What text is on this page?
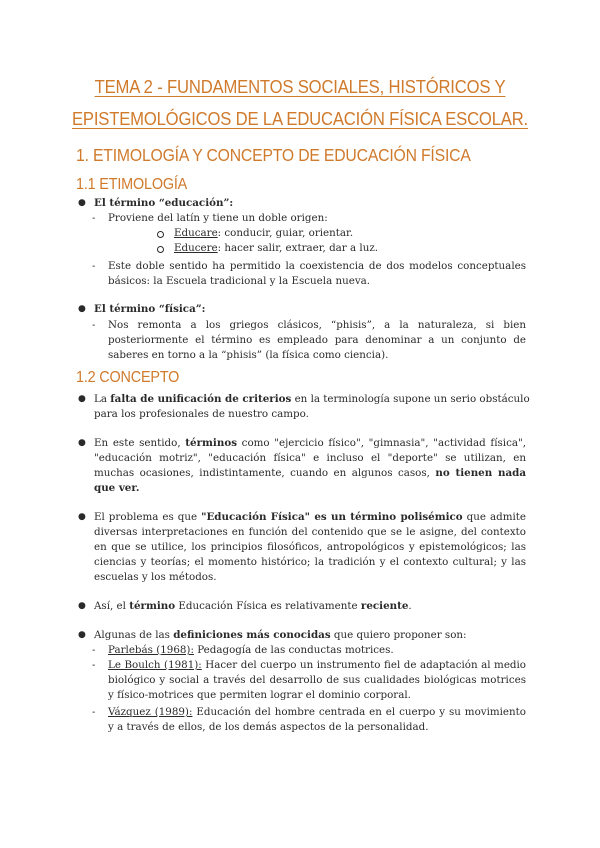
TEMA 2 - FUNDAMENTOS SOCIALES, HISTÓRICOS Y
EPISTEMOLÓGICOS DE LA EDUCACIÓN FÍSICA ESCOLAR.
1. ETIMOLOGÍA Y CONCEPTO DE EDUCACIÓN FÍSICA
1.1 ETIMOLOGÍA
● El término “educación”:
- Proviene del latín y tiene un doble origen:
Educare: conducir, guiar, orientar.
Educere: hacer salir, extraer, dar a luz.
- Este doble sentido ha permitido la coexistencia de dos modelos conceptuales
básicos: la Escuela tradicional y la Escuela nueva.
● El término “física”:
- Nos remonta a los griegos clásicos, “phisis”, a la naturaleza, si bien
posteriormente el término es empleado para denominar a un conjunto de
saberes en torno a la “phisis” (la física como ciencia).
1.2 CONCEPTO
● La falta de unificación de criterios en la terminología supone un serio obstáculo
para los profesionales de nuestro campo.
● En este sentido, términos como "ejercicio físico", "gimnasia", "actividad física",
"educación motriz", "educación física" e incluso el "deporte" se utilizan, en
muchas ocasiones, indistintamente, cuando en algunos casos, no tienen nada
que ver.
● El problema es que "Educación Física" es un término polisémico que admite
diversas interpretaciones en función del contenido que se le asigne, del contexto
en que se utilice, los principios filosóficos, antropológicos y epistemológicos; las
ciencias y teorías; el momento histórico; la tradición y el contexto cultural; y las
escuelas y los métodos.
● Así, el término Educación Física es relativamente reciente.
● Algunas de las definiciones más conocidas que quiero proponer son:
- Parlebás (1968): Pedagogía de las conductas motrices.
- Le Boulch (1981): Hacer del cuerpo un instrumento fiel de adaptación al medio
biológico y social a través del desarrollo de sus cualidades biológicas motrices
y físico-motrices que permiten lograr el dominio corporal.
- Vázquez (1989): Educación del hombre centrada en el cuerpo y su movimiento
y a través de ellos, de los demás aspectos de la personalidad.
